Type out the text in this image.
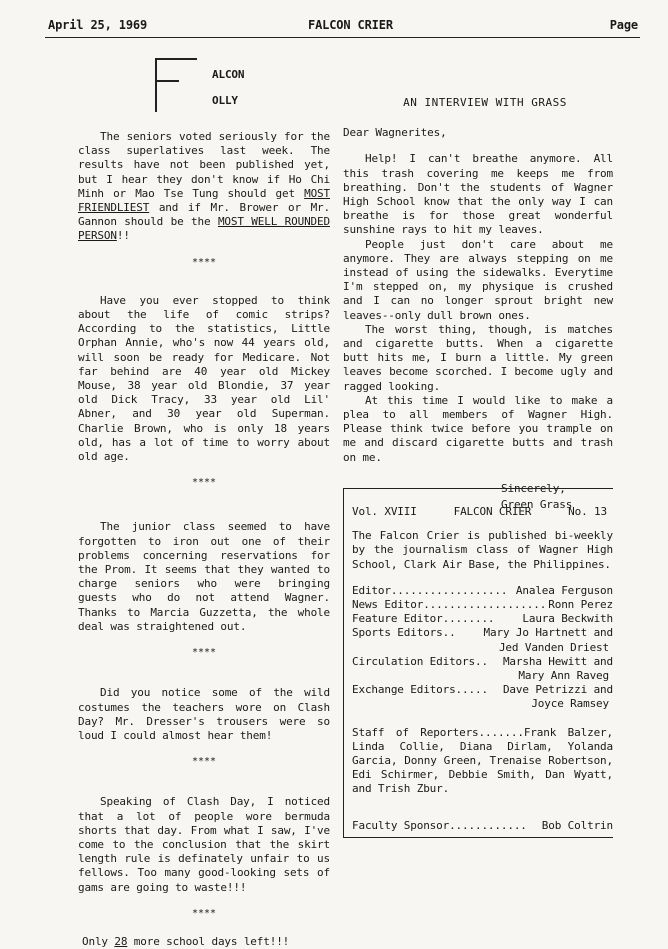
April 25, 1969	FALCON CRIER	Page
ALCON
OLLY

The seniors voted seriously for the class superlatives last week. The results have not been published yet, but I hear they don't know if Ho Chi Minh or Mao Tse Tung should get MOST FRIENDLIEST and if Mr. Brower or Mr. Gannon should be the MOST WELL ROUNDED PERSON!!

****

Have you ever stopped to think about the life of comic strips? According to the statistics, Little Orphan Annie, who's now 44 years old, will soon be ready for Medicare. Not far behind are 40 year old Mickey Mouse, 38 year old Blondie, 37 year old Dick Tracy, 33 year old Lil' Abner, and 30 year old Superman. Charlie Brown, who is only 18 years old, has a lot of time to worry about old age.

****

The junior class seemed to have forgotten to iron out one of their problems concerning reservations for the Prom. It seems that they wanted to charge seniors who were bringing guests who do not attend Wagner. Thanks to Marcia Guzzetta, the whole deal was straightened out.

****

Did you notice some of the wild costumes the teachers wore on Clash Day? Mr. Dresser's trousers were so loud I could almost hear them!

****

Speaking of Clash Day, I noticed that a lot of people wore bermuda shorts that day. From what I saw, I've come to the conclusion that the skirt length rule is definately unfair to us fellows. Too many good-looking sets of gams are going to waste!!!

****

Only 28 more school days left!!!

AN INTERVIEW WITH GRASS
Dear Wagnerites,

Help! I can't breathe anymore. All this trash covering me keeps me from breathing. Don't the students of Wagner High School know that the only way I can breathe is for those great wonderful sunshine rays to hit my leaves.

People just don't care about me anymore. They are always stepping on me instead of using the sidewalks. Everytime I'm stepped on, my physique is crushed and I can no longer sprout bright new leaves--only dull brown ones.

The worst thing, though, is matches and cigarette butts. When a cigarette butt hits me, I burn a little. My green leaves become scorched. I become ugly and ragged looking.

At this time I would like to make a plea to all members of Wagner High. Please think twice before you trample on me and discard cigarette butts and trash on me.

Sincerely,
Green Grass
Vol. XVIII	FALCON CRIER	No. 13

The Falcon Crier is published bi-weekly by the journalism class of Wagner High School, Clark Air Base, the Philippines.

Editor.................. Analea Ferguson
News Editor................... Ronn Perez
Feature Editor........	Laura Beckwith
Sports Editors..	Mary Jo Hartnett and
Jed Vanden Driest
Circulation Editors.. Marsha Hewitt and
Mary Ann Raveg
Exchange Editors..... Dave Petrizzi and
Joyce Ramsey

Staff of Reporters.......Frank Balzer, Linda Collie, Diana Dirlam, Yolanda Garcia, Donny Green, Trenaise Robertson, Edi Schirmer, Debbie Smith, Dan Wyatt, and Trish Zbur.

Faculty Sponsor............ Bob Coltrin
